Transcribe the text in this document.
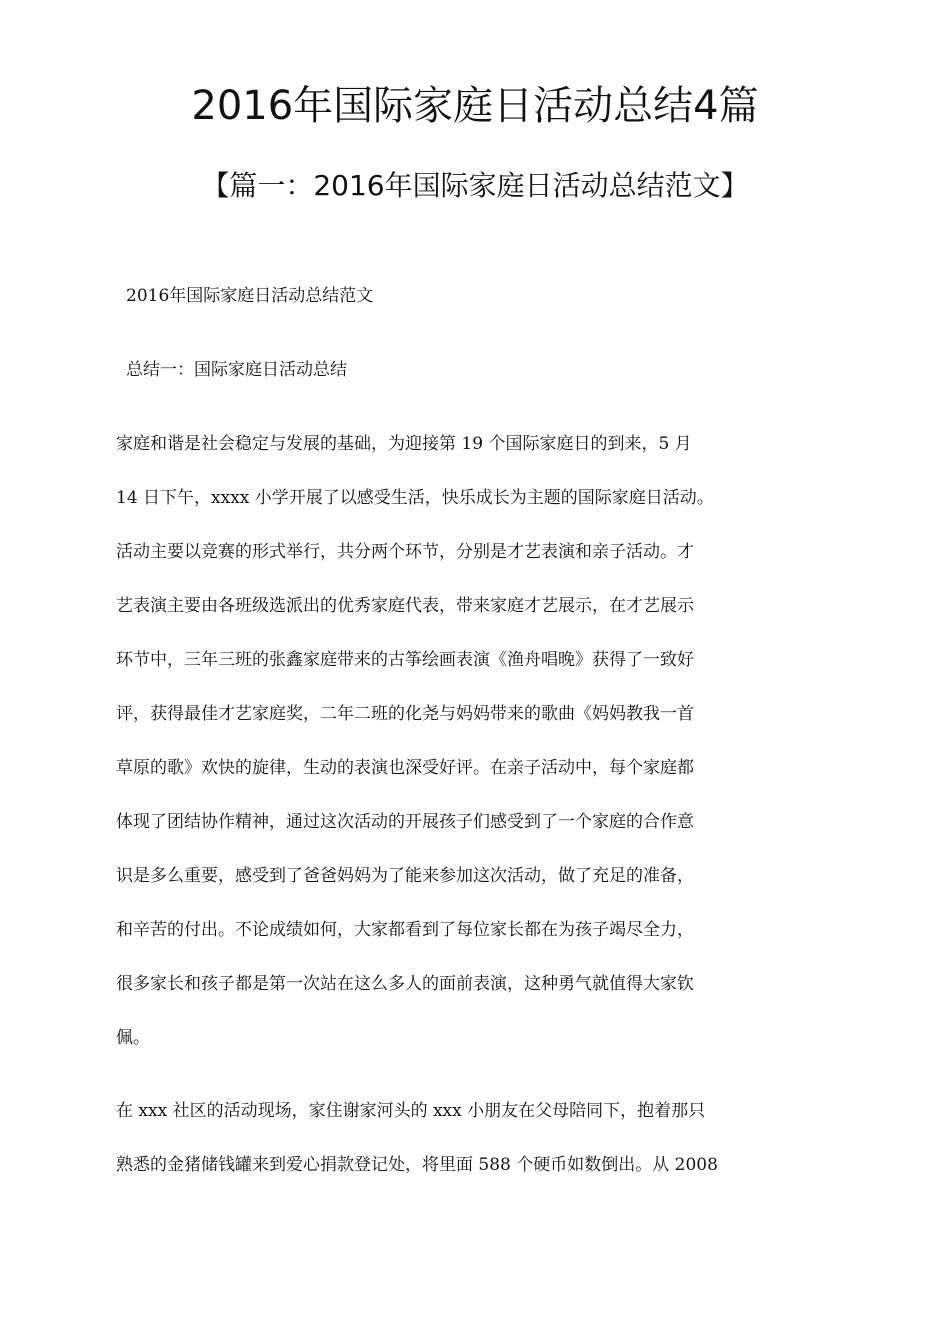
2016年国际家庭日活动总结4篇
【篇一：2016年国际家庭日活动总结范文】

2016年国际家庭日活动总结范文

总结一：国际家庭日活动总结

家庭和谐是社会稳定与发展的基础，为迎接第 19 个国际家庭日的到来，5 月
14 日下午，xxxx 小学开展了以感受生活，快乐成长为主题的国际家庭日活动。
活动主要以竞赛的形式举行，共分两个环节，分别是才艺表演和亲子活动。才
艺表演主要由各班级选派出的优秀家庭代表，带来家庭才艺展示，在才艺展示
环节中，三年三班的张鑫家庭带来的古筝绘画表演《渔舟唱晚》获得了一致好
评，获得最佳才艺家庭奖，二年二班的化尧与妈妈带来的歌曲《妈妈教我一首
草原的歌》欢快的旋律，生动的表演也深受好评。在亲子活动中，每个家庭都
体现了团结协作精神，通过这次活动的开展孩子们感受到了一个家庭的合作意
识是多么重要，感受到了爸爸妈妈为了能来参加这次活动，做了充足的准备，
和辛苦的付出。不论成绩如何，大家都看到了每位家长都在为孩子竭尽全力，
很多家长和孩子都是第一次站在这么多人的面前表演，这种勇气就值得大家钦
佩。
在 xxx 社区的活动现场，家住谢家河头的 xxx 小朋友在父母陪同下，抱着那只
熟悉的金猪储钱罐来到爱心捐款登记处，将里面 588 个硬币如数倒出。从 2008
